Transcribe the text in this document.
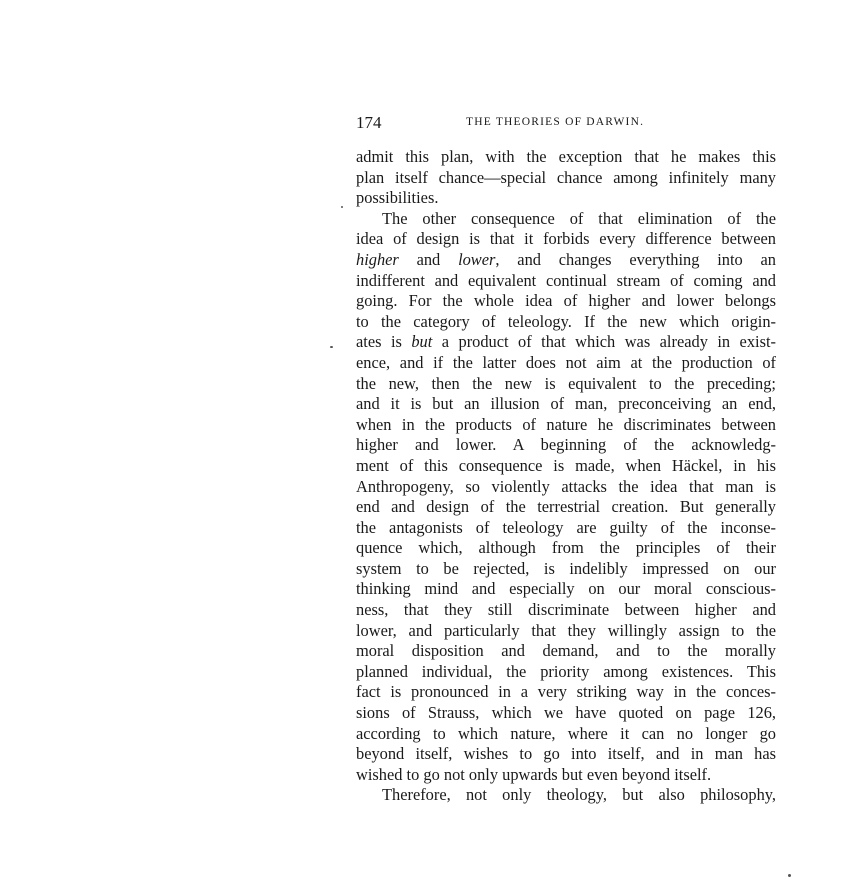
174	THE THEORIES OF DARWIN.
admit this plan, with the exception that he makes this
plan itself chance—special chance among infinitely many
possibilities.
The other consequence of that elimination of the
idea of design is that it forbids every difference between
higher and lower, and changes everything into an
indifferent and equivalent continual stream of coming and
going. For the whole idea of higher and lower belongs
to the category of teleology. If the new which origin-
ates is but a product of that which was already in exist-
ence, and if the latter does not aim at the production of
the new, then the new is equivalent to the preceding;
and it is but an illusion of man, preconceiving an end,
when in the products of nature he discriminates between
higher and lower. A beginning of the acknowledg-
ment of this consequence is made, when Häckel, in his
Anthropogeny, so violently attacks the idea that man is
end and design of the terrestrial creation. But generally
the antagonists of teleology are guilty of the inconse-
quence which, although from the principles of their
system to be rejected, is indelibly impressed on our
thinking mind and especially on our moral conscious-
ness, that they still discriminate between higher and
lower, and particularly that they willingly assign to the
moral disposition and demand, and to the morally
planned individual, the priority among existences. This
fact is pronounced in a very striking way in the conces-
sions of Strauss, which we have quoted on page 126,
according to which nature, where it can no longer go
beyond itself, wishes to go into itself, and in man has
wished to go not only upwards but even beyond itself.
Therefore, not only theology, but also philosophy,
